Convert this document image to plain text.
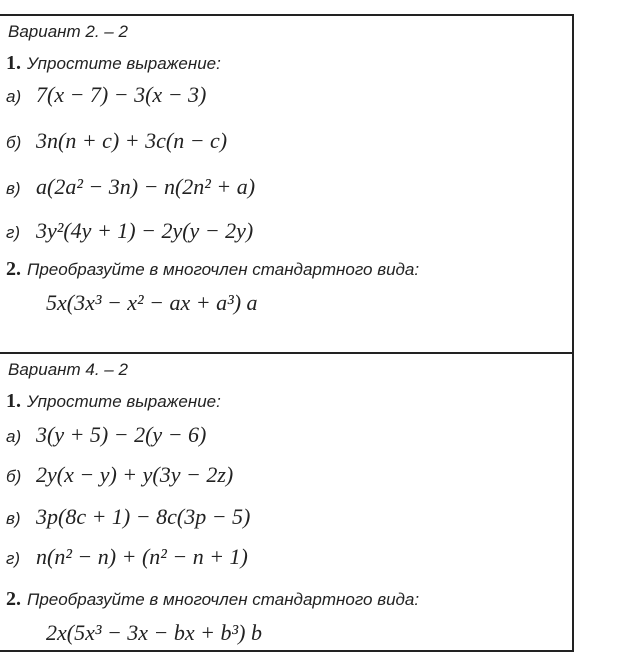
Вариант 2. – 2
1. Упростите выражение:
а) 7(x − 7) − 3(x − 3)
б) 3n(n + c) + 3c(n − c)
в) a(2a² − 3n) − n(2n² + a)
г) 3y²(4y + 1) − 2y(y − 2y)
2. Преобразуйте в многочлен стандартного вида:
5x(3x³ − x² − ax + a³) a
Вариант 4. – 2
1. Упростите выражение:
а) 3(y + 5) − 2(y − 6)
б) 2y(x − y) + y(3y − 2z)
в) 3p(8c + 1) − 8c(3p − 5)
г) n(n² − n) + (n² − n + 1)
2. Преобразуйте в многочлен стандартного вида:
2x(5x³ − 3x − bx + b³) b
